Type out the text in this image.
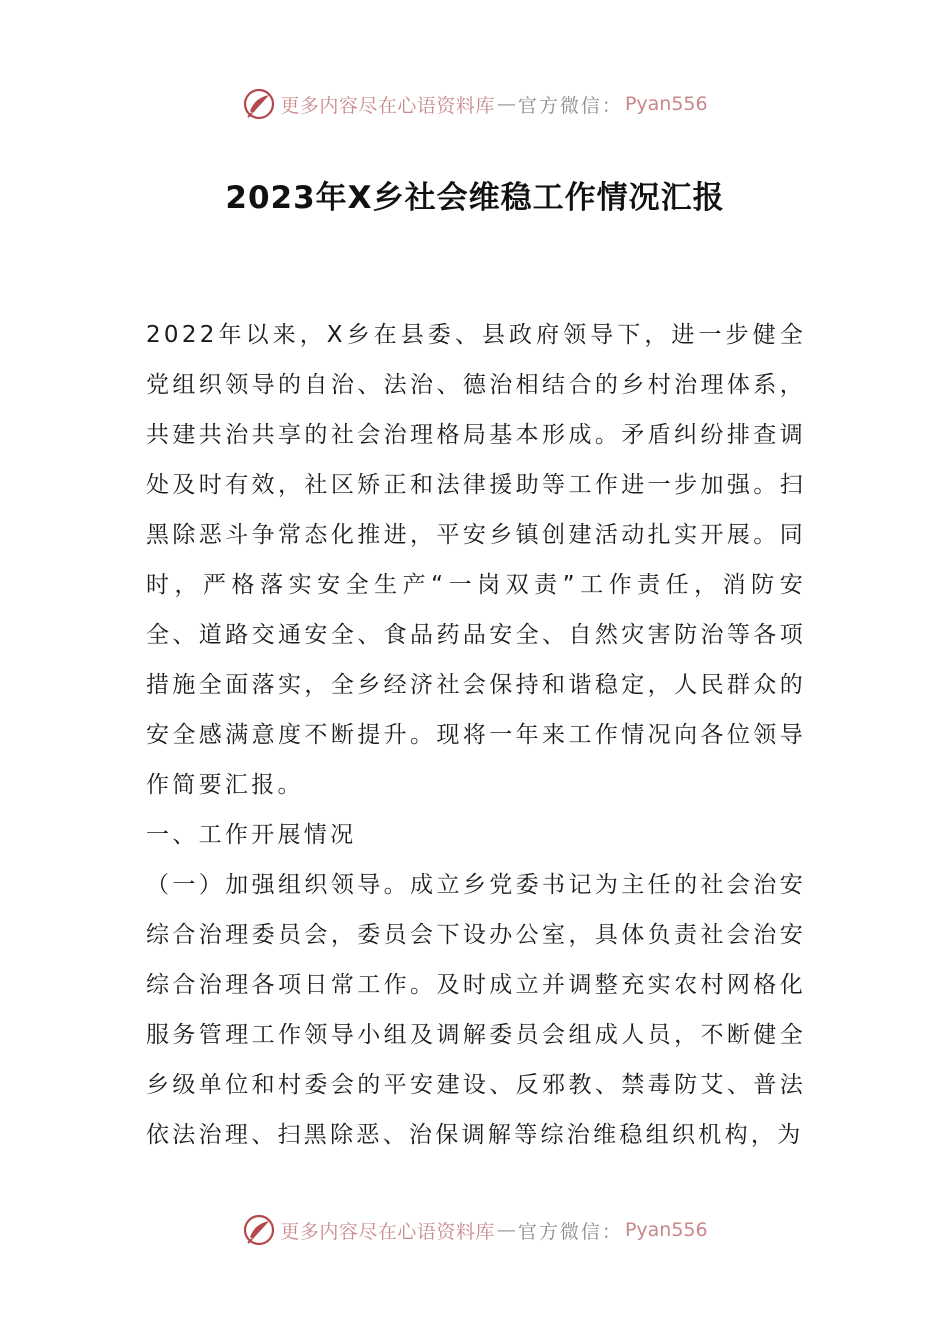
更多内容尽在心语资料库 — 官方微信： Pyan556
2023年X乡社会维稳工作情况汇报

2022年以来，X乡在县委、县政府领导下，进一步健全党组织领导的自治、法治、德治相结合的乡村治理体系，共建共治共享的社会治理格局基本形成。矛盾纠纷排查调处及时有效，社区矫正和法律援助等工作进一步加强。扫黑除恶斗争常态化推进，平安乡镇创建活动扎实开展。同时，严格落实安全生产“一岗双责”工作责任，消防安全、道路交通安全、食品药品安全、自然灾害防治等各项措施全面落实，全乡经济社会保持和谐稳定，人民群众的安全感满意度不断提升。现将一年来工作情况向各位领导作简要汇报。

一、工作开展情况

（一）加强组织领导。成立乡党委书记为主任的社会治安综合治理委员会，委员会下设办公室，具体负责社会治安综合治理各项日常工作。及时成立并调整充实农村网格化服务管理工作领导小组及调解委员会组成人员，不断健全乡级单位和村委会的平安建设、反邪教、禁毒防艾、普法依法治理、扫黑除恶、治保调解等综治维稳组织机构，为

更多内容尽在心语资料库 — 官方微信： Pyan556
